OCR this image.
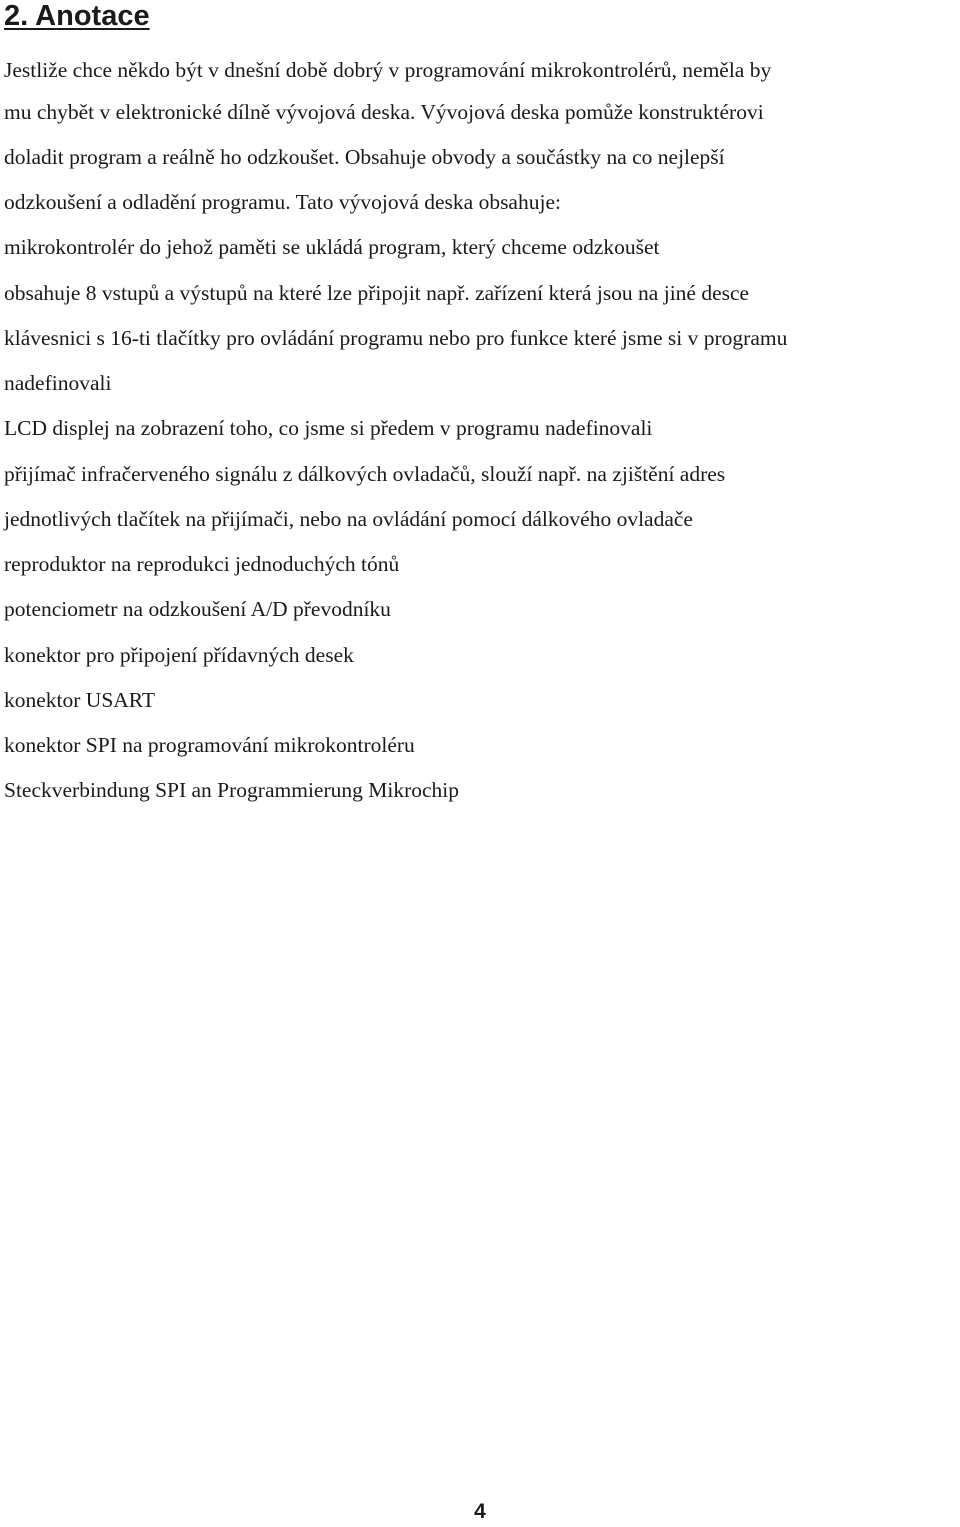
2. Anotace

Jestliže chce někdo být v dnešní době dobrý v programování mikrokontrolérů, neměla by

mu chybět v elektronické dílně vývojová deska. Vývojová deska pomůže konstruktérovi

doladit program a reálně ho odzkoušet. Obsahuje obvody a součástky na co nejlepší

odzkoušení a odladění programu. Tato vývojová deska obsahuje:

mikrokontrolér do jehož paměti se ukládá program, který chceme odzkoušet

obsahuje 8 vstupů a výstupů na které lze připojit např. zařízení která jsou na jiné desce

klávesnici s 16-ti tlačítky pro ovládání programu nebo pro funkce které jsme si v programu

nadefinovali

LCD displej na zobrazení toho, co jsme si předem v programu nadefinovali

přijímač infračerveného signálu z dálkových ovladačů, slouží např. na zjištění adres

jednotlivých tlačítek na přijímači, nebo na ovládání pomocí dálkového ovladače

reproduktor na reprodukci jednoduchých tónů

potenciometr na odzkoušení A/D převodníku

konektor pro připojení přídavných desek

konektor USART

konektor SPI na programování mikrokontroléru

Steckverbindung SPI an Programmierung Mikrochip

4
